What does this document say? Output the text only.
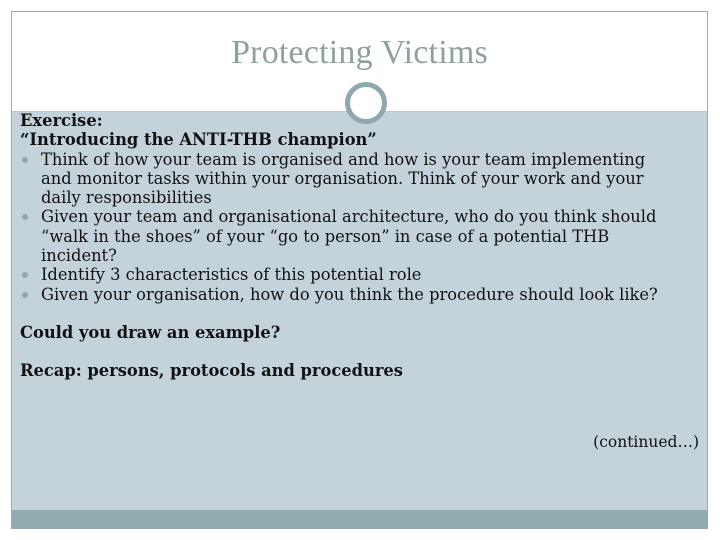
Protecting Victims
Exercise:
“Introducing the ANTI-THB champion”
Think of how your team is organised and how is your team implementing and monitor tasks within your organisation. Think of your work and your daily responsibilities
Given your team and organisational architecture, who do you think should “walk in the shoes” of your “go to person” in case of a potential THB incident?
Identify 3 characteristics of this potential role
Given your organisation, how do you think the procedure should look like?
Could you draw an example?
Recap: persons, protocols and procedures
(continued…)
